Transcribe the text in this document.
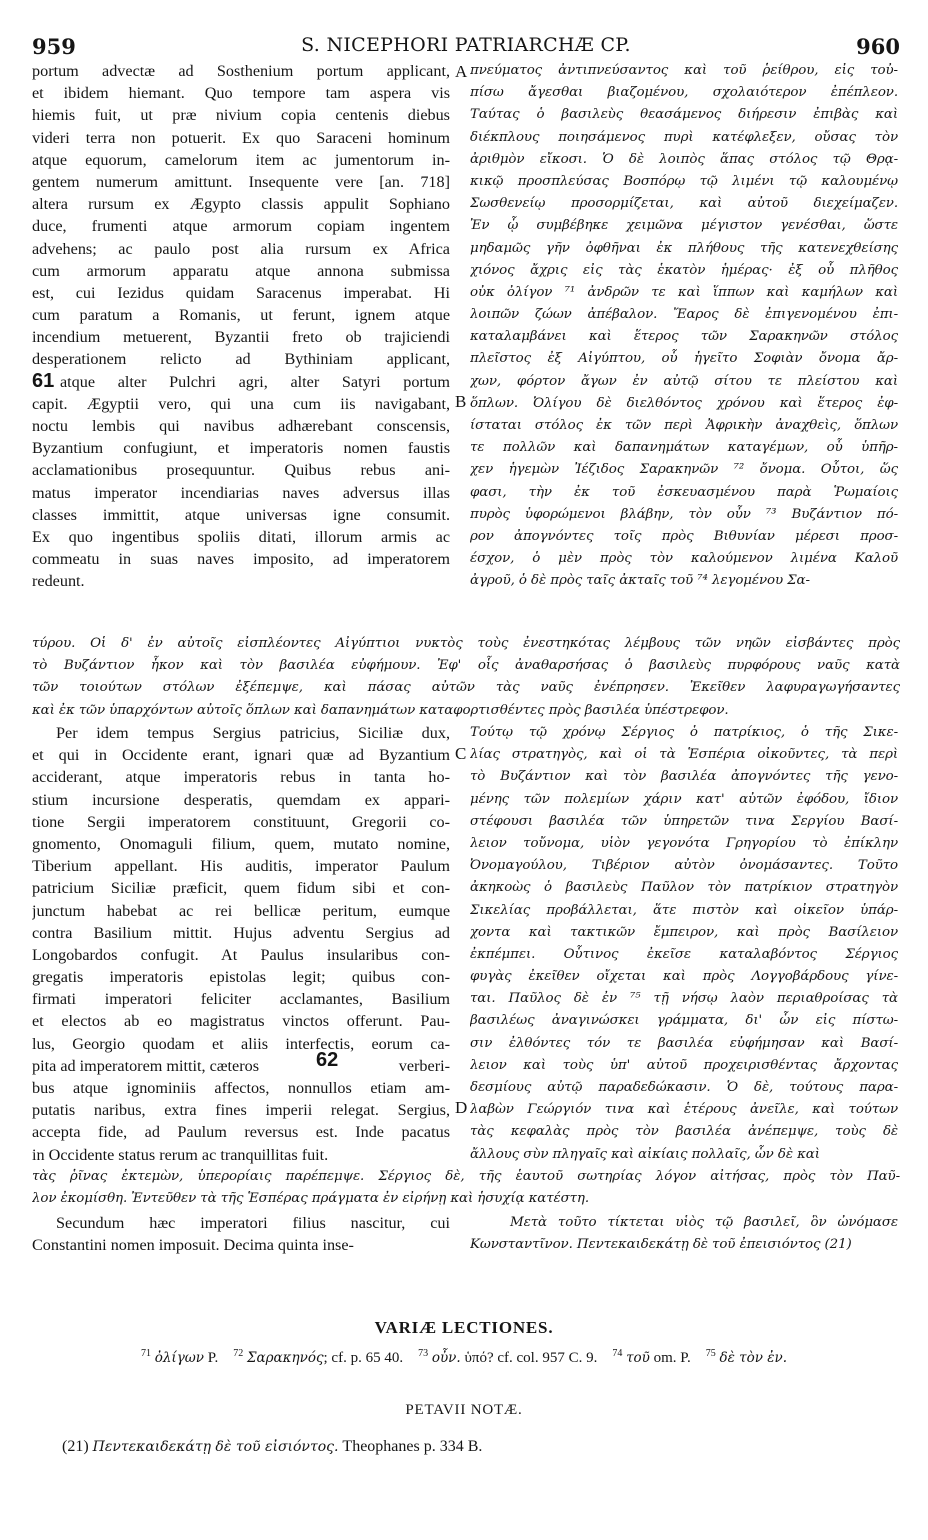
959	S. NICEPHORI PATRIARCHÆ CP.	960
portum advectæ ad Sosthenium portum applicant,
et ibidem hiemant. Quo tempore tam aspera vis
hiemis fuit, ut præ nivium copia centenis diebus
videri terra non potuerit. Ex quo Saraceni hominum
atque equorum, camelorum item ac jumentorum in-
gentem numerum amittunt. Insequente vere [an. 718]
altera rursum ex Ægypto classis appulit Sophiano
duce, frumenti atque armorum copiam ingentem
advehens; ac paulo post alia rursum ex Africa
cum armorum apparatu atque annona submissa
est, cui Iezidus quidam Saracenus imperabat. Hi
cum paratum a Romanis, ut ferunt, ignem atque
incendium metuerent, Byzantii freto ob trajiciendi
desperationem relicto ad Bythiniam applicant,
atque alter Pulchri agri, alter Satyri portum
capit. Ægyptii vero, qui una cum iis navigabant,
noctu lembis qui navibus adhærebant conscensis,
Byzantium confugiunt, et imperatoris nomen faustis
acclamationibus prosequuntur. Quibus rebus ani-
matus imperator incendiarias naves adversus illas
classes immittit, atque universas igne consumit.
Ex quo ingentibus spoliis ditati, illorum armis ac
commeatu in suas naves imposito, ad imperatorem
redeunt.
πνεύματος ἀντιπνεύσαντος καὶ τοῦ ῥείθρου, εἰς τοὐ-
πίσω ἄγεσθαι βιαζομένου, σχολαιότερον ἐπέπλεον.
Ταύτας ὁ βασιλεὺς θεασάμενος διήρεσιν ἐπιβὰς καὶ
διέκπλους ποιησάμενος πυρὶ κατέφλεξεν, οὔσας τὸν
ἀριθμὸν εἴκοσι. Ὁ δὲ λοιπὸς ἅπας στόλος τῷ Θρᾳ-
κικῷ προσπλεύσας Βοσπόρῳ τῷ λιμένι τῷ καλουμένῳ
Σωσθενείῳ προσορμίζεται, καὶ αὐτοῦ διεχείμαζεν.
Ἐν ᾧ συμβέβηκε χειμῶνα μέγιστον γενέσθαι, ὥστε
μηδαμῶς γῆν ὀφθῆναι ἐκ πλήθους τῆς κατενεχθείσης
χιόνος ἄχρις εἰς τὰς ἑκατὸν ἡμέρας· ἐξ οὗ πλῆθος
οὐκ ὀλίγον ⁷¹ ἀνδρῶν τε καὶ ἵππων καὶ καμήλων καὶ
λοιπῶν ζώων ἀπέβαλον. Ἔαρος δὲ ἐπιγενομένου ἐπι-
καταλαμβάνει καὶ ἕτερος τῶν Σαρακηνῶν στόλος
πλεῖστος ἐξ Αἰγύπτου, οὗ ἡγεῖτο Σοφιὰν ὄνομα ἄρ-
χων, φόρτον ἄγων ἐν αὐτῷ σίτου τε πλείστου καὶ
ὅπλων. Ὀλίγου δὲ διελθόντος χρόνου καὶ ἕτερος ἐφ-
ίσταται στόλος ἐκ τῶν περὶ Ἀφρικὴν ἀναχθεὶς, ὅπλων
τε πολλῶν καὶ δαπανημάτων καταγέμων, οὗ ὑπῆρ-
χεν ἡγεμὼν Ἰέζιδος Σαρακηνῶν ⁷² ὄνομα. Οὗτοι, ὥς
φασι, τὴν ἐκ τοῦ ἐσκευασμένου παρὰ Ῥωμαίοις
πυρὸς ὑφορώμενοι βλάβην, τὸν οὖν ⁷³ Βυζάντιον πό-
ρον ἀπογνόντες τοῖς πρὸς Βιθυνίαν μέρεσι προσ-
έσχον, ὁ μὲν πρὸς τὸν καλούμενον λιμένα Καλοῦ
ἀγροῦ, ὁ δὲ πρὸς ταῖς ἀκταῖς τοῦ ⁷⁴ λεγομένου Σα-
τύρου. Οἱ δ' ἐν αὐτοῖς εἰσπλέοντες Αἰγύπτιοι νυκτὸς τοὺς ἐνεστηκότας λέμβους τῶν νηῶν εἰσβάντες πρὸς
τὸ Βυζάντιον ἧκον καὶ τὸν βασιλέα εὐφήμουν. Ἐφ' οἷς ἀναθαρσήσας ὁ βασιλεὺς πυρφόρους ναῦς κατὰ
τῶν τοιούτων στόλων ἐξέπεμψε, καὶ πάσας αὐτῶν τὰς ναῦς ἐνέπρησεν. Ἐκεῖθεν λαφυραγωγήσαντες
καὶ ἐκ τῶν ὑπαρχόντων αὐτοῖς ὅπλων καὶ δαπανημάτων καταφορτισθέντες πρὸς βασιλέα ὑπέστρεφον.
Per idem tempus Sergius patricius, Siciliæ dux,
et qui in Occidente erant, ignari quæ ad Byzantium
acciderant, atque imperatoris rebus in tanta ho-
stium incursione desperatis, quemdam ex appari-
tione Sergii imperatorem constituunt, Gregorii co-
gnomento, Onomaguli filium, quem, mutato nomine,
Tiberium appellant. His auditis, imperator Paulum
patricium Siciliæ præficit, quem fidum sibi et con-
junctum habebat ac rei bellicæ peritum, eumque
contra Basilium mittit. Hujus adventu Sergius ad
Longobardos confugit. At Paulus insularibus con-
gregatis imperatoris epistolas legit; quibus con-
firmati imperatori feliciter acclamantes, Basilium
et electos ab eo magistratus vinctos offerunt. Pau-
lus, Georgio quodam et aliis interfectis, eorum ca-
pita ad imperatorem mittit, cæteros	verberi-
bus atque ignominiis affectos, nonnullos etiam am-
putatis naribus, extra fines imperii relegat. Sergius,
accepta fide, ad Paulum reversus est. Inde pacatus
in Occidente status rerum ac tranquillitas fuit.
Τούτῳ τῷ χρόνῳ Σέργιος ὁ πατρίκιος, ὁ τῆς Σικε-
λίας στρατηγὸς, καὶ οἱ τὰ Ἑσπέρια οἰκοῦντες, τὰ περὶ
τὸ Βυζάντιον καὶ τὸν βασιλέα ἀπογνόντες τῆς γενο-
μένης τῶν πολεμίων χάριν κατ' αὐτῶν ἐφόδου, ἴδιον
στέφουσι βασιλέα τῶν ὑπηρετῶν τινα Σεργίου Βασί-
λειον τοὔνομα, υἱὸν γεγονότα Γρηγορίου τὸ ἐπίκλην
Ὀνομαγούλου, Τιβέριον αὐτὸν ὀνομάσαντες. Τοῦτο
ἀκηκοὼς ὁ βασιλεὺς Παῦλον τὸν πατρίκιον στρατηγὸν
Σικελίας προβάλλεται, ἅτε πιστὸν καὶ οἰκεῖον ὑπάρ-
χοντα καὶ τακτικῶν ἔμπειρον, καὶ πρὸς Βασίλειον
ἐκπέμπει. Οὗτινος ἐκεῖσε καταλαβόντος Σέργιος
φυγὰς ἐκεῖθεν οἴχεται καὶ πρὸς Λογγοβάρδους γίνε-
ται. Παῦλος δὲ ἐν ⁷⁵ τῇ νήσῳ λαὸν περιαθροίσας τὰ
βασιλέως ἀναγινώσκει γράμματα, δι' ὧν εἰς πίστω-
σιν ἐλθόντες τόν τε βασιλέα εὐφήμησαν καὶ Βασί-
λειον καὶ τοὺς ὑπ' αὐτοῦ προχειρισθέντας ἄρχοντας
δεσμίους αὐτῷ παραδεδώκασιν. Ὁ δὲ, τούτους παρα-
λαβὼν Γεώργιόν τινα καὶ ἑτέρους ἀνεῖλε, καὶ τούτων
τὰς κεφαλὰς πρὸς τὸν βασιλέα ἀνέπεμψε, τοὺς δὲ
ἄλλους σὺν πληγαῖς καὶ αἰκίαις πολλαῖς, ὧν δὲ καὶ
τὰς ῥῖνας ἐκτεμὼν, ὑπερορίαις παρέπεμψε. Σέργιος δὲ, τῆς ἑαυτοῦ σωτηρίας λόγον αἰτήσας, πρὸς τὸν Παῦ-
λον ἐκομίσθη. Ἐντεῦθεν τὰ τῆς Ἑσπέρας πράγματα ἐν εἰρήνῃ καὶ ἡσυχίᾳ κατέστη.
Secundum hæc imperatori filius nascitur, cui
Constantini nomen imposuit. Decima quinta inse-
Μετὰ τοῦτο τίκτεται υἱὸς τῷ βασιλεῖ, ὃν ὠνόμασε
Κωνσταντῖνον. Πεντεκαιδεκάτῃ δὲ τοῦ ἐπεισιόντος (21)
A
B
C
D
61
62
VARIÆ LECTIONES.
$^{71}$ ὀλίγων P. $^{72}$ Σαρακηνός; cf. p. 65 40. $^{73}$ οὖν. ὑπό? cf. col. 957 C. 9. $^{74}$ τοῦ om. P. $^{75}$ δὲ τὸν ἐν.
PETAVII NOTÆ.
(21) Πεντεκαιδεκάτῃ δὲ τοῦ εἰσιόντος. Theophanes p. 334 B.
